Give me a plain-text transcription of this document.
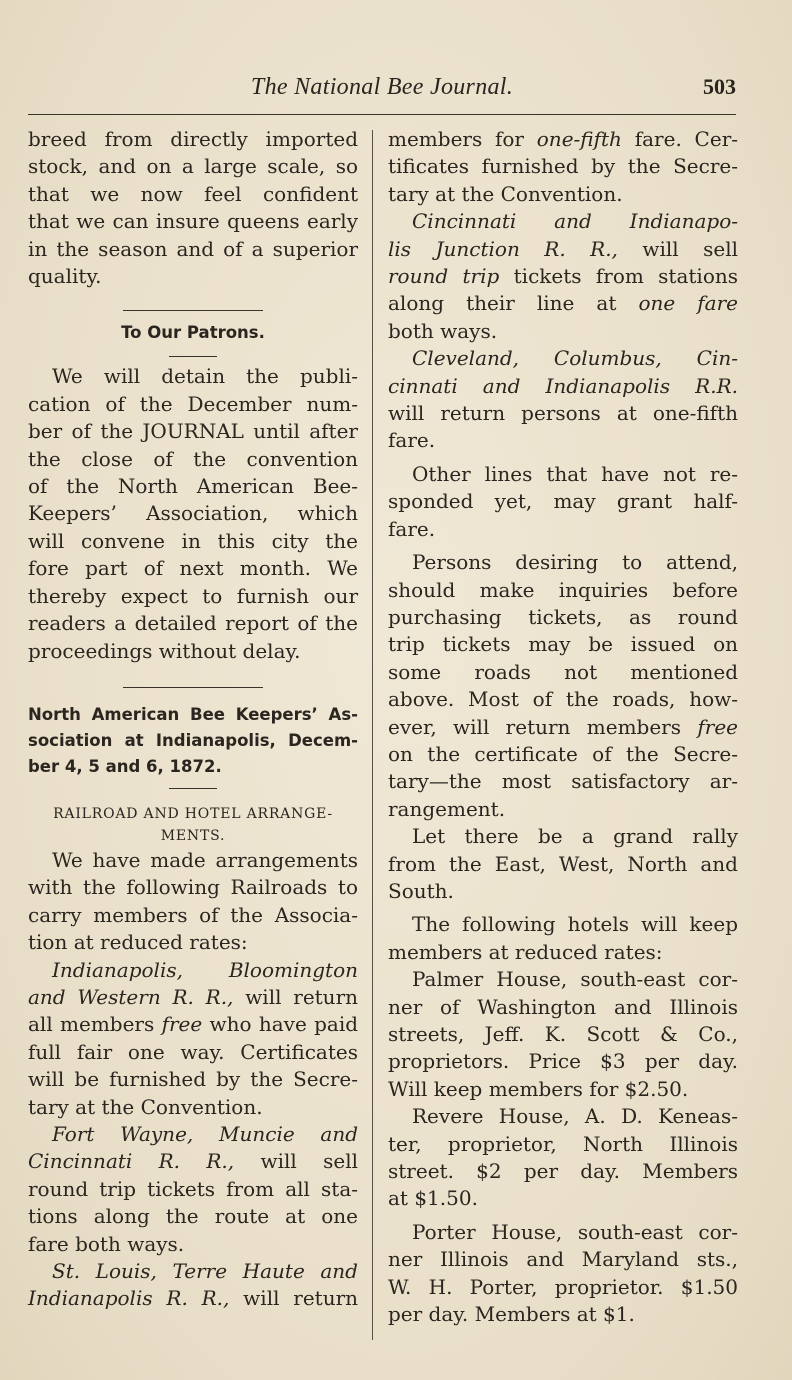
The National Bee Journal.	503

breed from directly imported
stock, and on a large scale, so
that we now feel confident
that we can insure queens early
in the season and of a superior
quality.

To Our Patrons.

We will detain the publi-
cation of the December num-
ber of the JOURNAL until after
the close of the convention
of the North American Bee-
Keepers’ Association, which
will convene in this city the
fore part of next month. We
thereby expect to furnish our
readers a detailed report of the
proceedings without delay.

North American Bee Keepers’ As-
sociation at Indianapolis, Decem-
ber 4, 5 and 6, 1872.
RAILROAD AND HOTEL ARRANGE-
MENTS.

We have made arrangements
with the following Railroads to
carry members of the Associa-
tion at reduced rates:

Indianapolis, Bloomington
and Western R. R., will return
all members free who have paid
full fair one way. Certificates
will be furnished by the Secre-
tary at the Convention.

Fort Wayne, Muncie and
Cincinnati R. R., will sell
round trip tickets from all sta-
tions along the route at one
fare both ways.

St. Louis, Terre Haute and
Indianapolis R. R., will return

members for one-fifth fare. Cer-
tificates furnished by the Secre-
tary at the Convention.

Cincinnati and Indianapo-
lis Junction R. R., will sell
round trip tickets from stations
along their line at one fare
both ways.

Cleveland, Columbus, Cin-
cinnati and Indianapolis R.R.
will return persons at one-fifth
fare.

Other lines that have not re-
sponded yet, may grant half-
fare.

Persons desiring to attend,
should make inquiries before
purchasing tickets, as round
trip tickets may be issued on
some roads not mentioned
above. Most of the roads, how-
ever, will return members free
on the certificate of the Secre-
tary—the most satisfactory ar-
rangement.

Let there be a grand rally
from the East, West, North and
South.

The following hotels will keep
members at reduced rates:

Palmer House, south-east cor-
ner of Washington and Illinois
streets, Jeff. K. Scott & Co.,
proprietors. Price $3 per day.
Will keep members for $2.50.

Revere House, A. D. Keneas-
ter, proprietor, North Illinois
street. $2 per day. Members
at $1.50.

Porter House, south-east cor-
ner Illinois and Maryland sts.,
W. H. Porter, proprietor. $1.50
per day. Members at $1.
